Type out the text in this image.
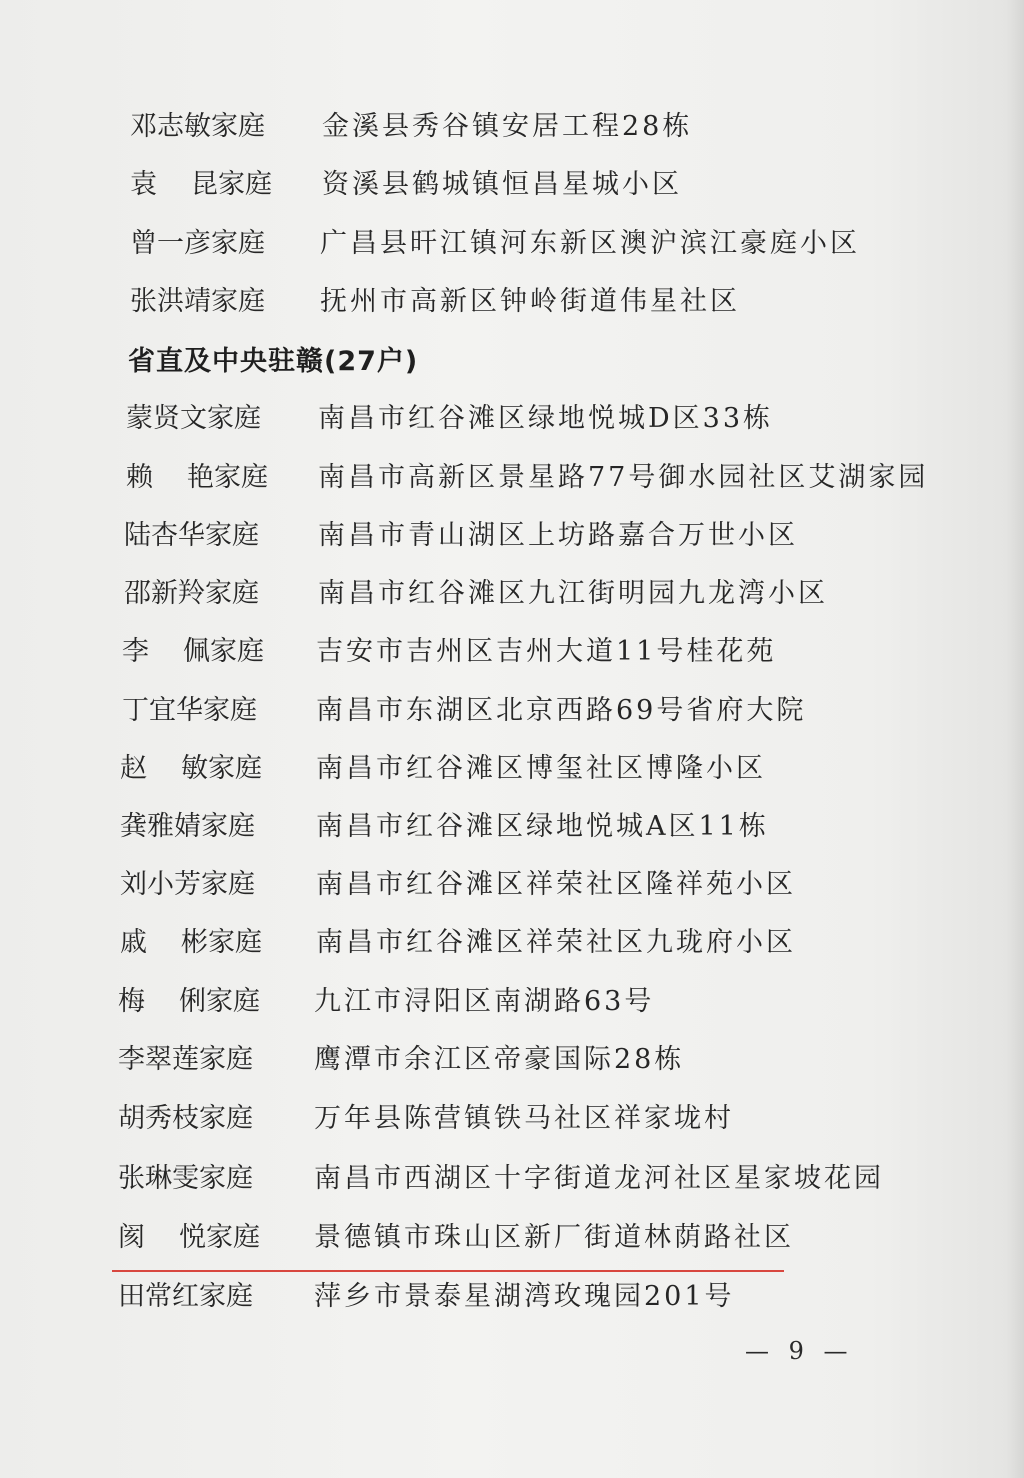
邓志敏家庭	金溪县秀谷镇安居工程28栋
袁 昆家庭 资溪县鹤城镇恒昌星城小区
曾一彦家庭	广昌县旰江镇河东新区澳沪滨江豪庭小区
张洪靖家庭	抚州市高新区钟岭街道伟星社区
省直及中央驻赣(27户)
蒙贤文家庭	南昌市红谷滩区绿地悦城D区33栋
赖 艳家庭 南昌市高新区景星路77号御水园社区艾湖家园
陆杏华家庭	南昌市青山湖区上坊路嘉合万世小区
邵新羚家庭	南昌市红谷滩区九江街明园九龙湾小区
李 佩家庭 吉安市吉州区吉州大道11号桂花苑
丁宜华家庭	南昌市东湖区北京西路69号省府大院
赵 敏家庭 南昌市红谷滩区博玺社区博隆小区
龚雅婧家庭	南昌市红谷滩区绿地悦城A区11栋
刘小芳家庭	南昌市红谷滩区祥荣社区隆祥苑小区
戚 彬家庭 南昌市红谷滩区祥荣社区九珑府小区
梅 俐家庭 九江市浔阳区南湖路63号
李翠莲家庭	鹰潭市余江区帝豪国际28栋
胡秀枝家庭	万年县陈营镇铁马社区祥家垅村
张琳雯家庭	南昌市西湖区十字街道龙河社区星家坡花园
阂 悦家庭 景德镇市珠山区新厂街道林荫路社区
田常红家庭	萍乡市景泰星湖湾玫瑰园201号
— 9 —
